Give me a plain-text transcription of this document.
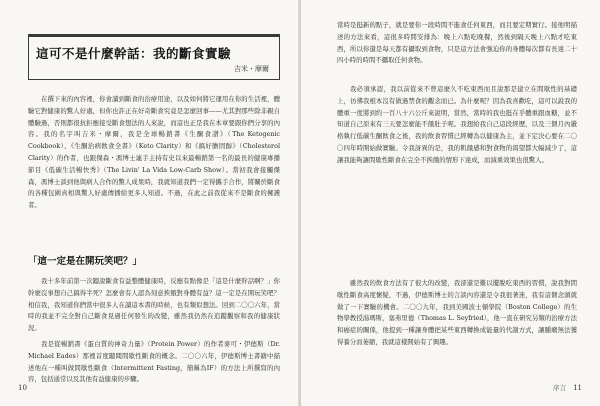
這可不是什麼幹話：我的斷食實驗
吉米・摩爾

在撰下來的內容裡，你會讀到斷食的治療用途，以及如何將它運用在你的生活裡，體驗它對健康的驚人好處，但你也許正在好奇斷食究竟是怎麼回事——尤其對那些除非親自體驗過，否則都很抗拒應接受斷食想法的人來說，而這也正是我在本章要跟你們分享的內容。我的名字叫吉米・摩爾，我是全球暢銷書《生酮食譜》（The Ketogenic Cookbook）、《生酮治病飲食全書》（Keto Clarity）和《搞好膽固醇》（Cholesterol Clarity）的作者，也跟傑森・馮博士連手主持有史以來最暢銷第一名的最長的健康專播節目《低碳生活暢快秀》（The Livin' La Vida Low-Carb Show）。當初我會接觸傑森，馮博士談到他與病人合作的驚人成果時，我就知道我們一定得攜手合作，將關於斷食的各種包圍真相與驚人好處傳播給更多人知道。不過，在此之前我從來不是斷食的擁護者。

「這一定是在開玩笑吧？」

我十多年前第一次聽說斷食有益整體健康時，反應有點像是「這是什麼幹話啊？」你幹麼沒事想自己搞得半死？怎麼會有人認為刻意挨餓對身體有益？這一定是在開玩笑吧？相信我，我知道你們當中很多人在讀這本書的時候，也有類似想法。回到二〇〇六年，當時的我並不完全對自己斷食見過任何發生的改變，雖然我仍然在追蹤觀察和我的健康狀況。

我是從暢銷書《蛋白質的神奇力量》（Protein Power）的作者麥可・伊德斯（Dr. Michael Eades）那裡首度聽聞間歇性斷食的概念。二〇〇六年，伊德斯博士書籍中描述他在一種叫做間歇性斷食（Intermittent Fasting，簡稱為IF）的方法上所撰寫的內容，包括通常以及其他有益健康的步驟。

10

當時是挺新的點子，就是要你一段時間不進食任何東西，而且要定期實行。接他明描述的方法來看，這很多時間安排為：晚上六點吃晚餐，然後到隔天晚上六點才吃東西，所以你還是每天都有攝取到食物，只是這方法會強迫你的身體每次都有長達二十四小時的時間不攝取任何食物。

我必須承認，我以前從來不曾這麼久不吃東西而且說那是建立在間歇性的基礎上，彷彿我根本沒有做過禁食的觀念而已。為什麼呢？因為我喜歡吃，這可以說我的體重一度將到約一百八十六公斤來說明，當然，當時的我也挺在乎體重跟血糖，並不知道自己原來有三天要怎麼能不餓肚子呢。我想給我自己這段經歷，以及三個月內嚴格執行低碳生酮飲食之後，我的飲食習慣已經轉為以健康為主，並下定決心要在二〇〇四年時開始做實驗。令我訝異的是，我的飢餓感和對食物的渴望都大幅減少了，這讓我能夠讓間歇性斷食在完全不挨餓的情形下達成，而減重效果也很驚人。

雖然我的飲食方法有了很大的改變，我卻還是難以擺脫吃東西的習慣，說我對間歇性斷食高度懷疑，不過，伊德斯博士的言談內容還是令我很著迷，我有這個念頭就做了一下實驗的機會。二〇〇九年，我到美國波士頓學院（Boston College）的生物學教授湯瑪斯，塞弗里德（Thomas L. Seyfried），他一直在研究另類的治療方法和癌症的關係，他提到一種讓身體把某些東西轉換成能量的代謝方式，讓腫瘤無法獲得養分而萎縮，我就這樣開始有了興趣。

序言 11
